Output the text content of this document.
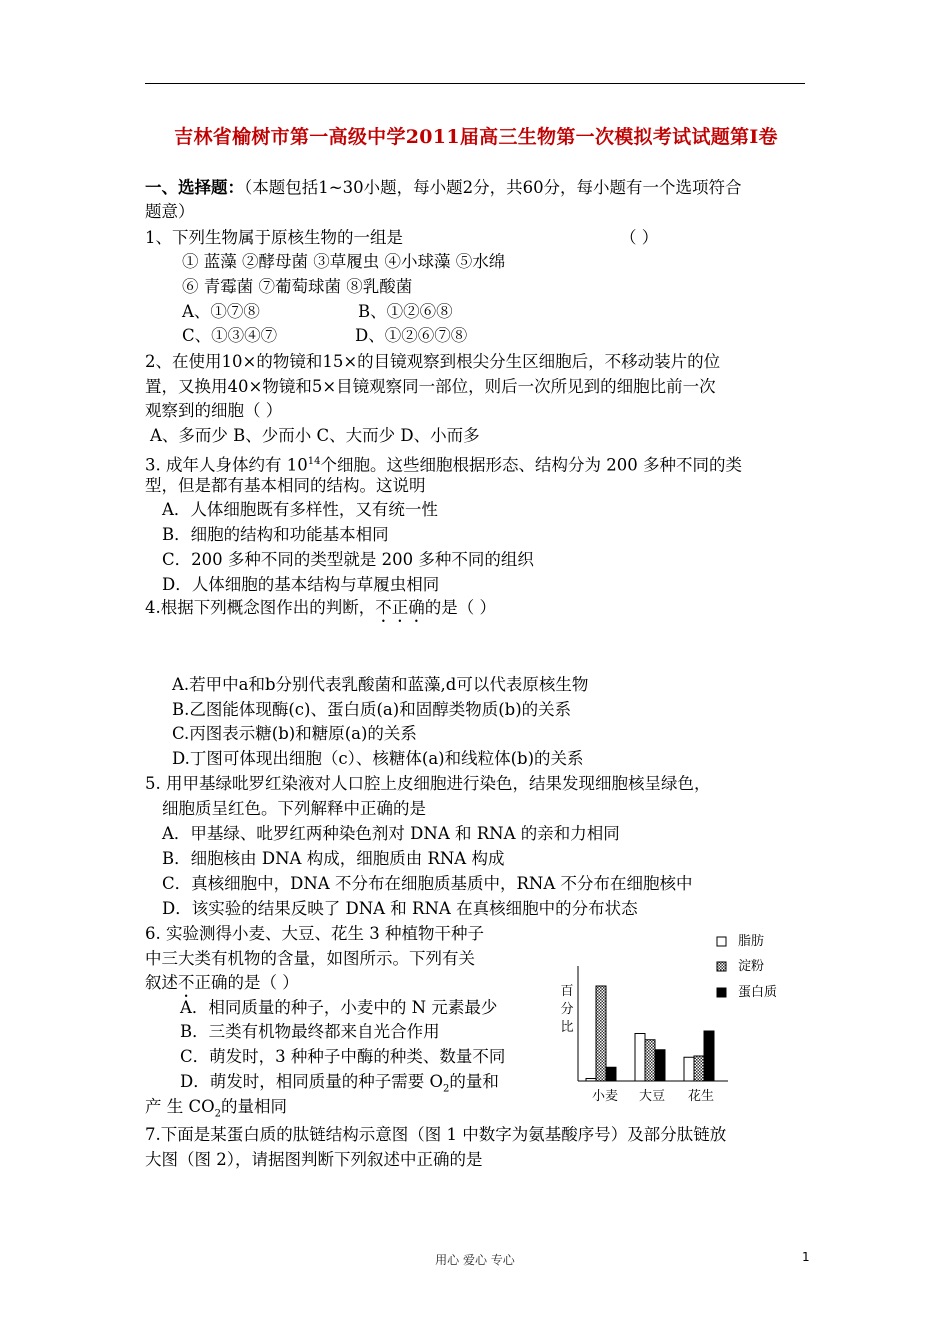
吉林省榆树市第一高级中学2011届高三生物第一次模拟考试试题第Ⅰ卷
一、选择题：（本题包括1~30小题，每小题2分，共60分，每小题有一个选项符合
题意）
1、下列生物属于原核生物的一组是	（ ）
① 蓝藻 ②酵母菌 ③草履虫 ④小球藻 ⑤水绵
⑥ 青霉菌 ⑦葡萄球菌 ⑧乳酸菌
A、①⑦⑧	B、①②⑥⑧
C、①③④⑦	D、①②⑥⑦⑧
2、在使用10×的物镜和15×的目镜观察到根尖分生区细胞后，不移动装片的位
置，又换用40×物镜和5×目镜观察同一部位，则后一次所见到的细胞比前一次
观察到的细胞（ ）
A、多而少 B、少而小 C、大而少 D、小而多
3. 成年人身体约有 $10^{14}$个细胞。这些细胞根据形态、结构分为 200 多种不同的类
型，但是都有基本相同的结构。这说明
A．人体细胞既有多样性，又有统一性
B．细胞的结构和功能基本相同
C．200 多种不同的类型就是 200 多种不同的组织
D．人体细胞的基本结构与草履虫相同
4.根据下列概念图作出的判断，不正确的是（ ）
A.若甲中a和b分别代表乳酸菌和蓝藻,d可以代表原核生物
B.乙图能体现酶(c)、蛋白质(a)和固醇类物质(b)的关系
C.丙图表示糖(b)和糖原(a)的关系
D.丁图可体现出细胞（c）、核糖体(a)和线粒体(b)的关系
5. 用甲基绿吡罗红染液对人口腔上皮细胞进行染色，结果发现细胞核呈绿色，
细胞质呈红色。下列解释中正确的是
A．甲基绿、吡罗红两种染色剂对 DNA 和 RNA 的亲和力相同
B．细胞核由 DNA 构成，细胞质由 RNA 构成
C．真核细胞中，DNA 不分布在细胞质基质中，RNA 不分布在细胞核中
D．该实验的结果反映了 DNA 和 RNA 在真核细胞中的分布状态
6. 实验测得小麦、大豆、花生 3 种植物干种子
中三大类有机物的含量，如图所示。下列有关
叙述不正确的是（ ）
A．相同质量的种子，小麦中的 N 元素最少
B．三类有机物最终都来自光合作用
C．萌发时，3 种种子中酶的种类、数量不同
D．萌发时，相同质量的种子需要 $O_2$的量和
产 生 $CO_2$的量相同
百分比
小麦 大豆 花生
脂肪
淀粉
蛋白质
7.下面是某蛋白质的肽链结构示意图（图 1 中数字为氨基酸序号）及部分肽链放
大图（图 2），请据图判断下列叙述中正确的是
用心 爱心 专心	1
